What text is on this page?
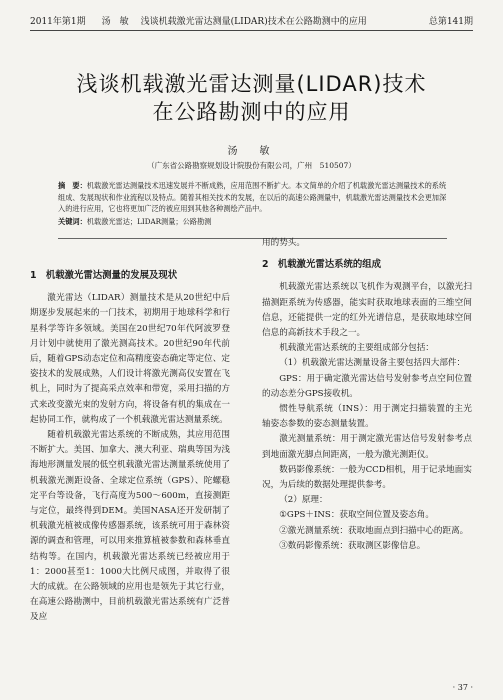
2011年第1期 汤　敏 浅谈机载激光雷达测量(LIDAR)技术在公路勘测中的应用	总第141期
浅谈机载激光雷达测量(LIDAR)技术
在公路勘测中的应用
汤　敏
（广东省公路勘察规划设计院股份有限公司，广州　510507）
摘　要：机载激光雷达测量技术迅速发展并不断成熟，应用范围不断扩大。本文简单的介绍了机载激光雷达测量技术的系统组成、发展现状和作业流程以及特点。随着其相关技术的发展，在以后的高速公路测量中，机载激光雷达测量技术会更加深入的进行应用，它也将更加广泛的被应用到其他各种测绘产品中。
关键词：机载激光雷达；LIDAR测量；公路勘测
1　机载激光雷达测量的发展及现状

激光雷达（LIDAR）测量技术是从20世纪中后期逐步发展起来的一门技术，初期用于地球科学和行星科学等许多领域。美国在20世纪70年代阿波罗登月计划中就使用了激光测高技术。20世纪90年代前后，随着GPS动态定位和高精度姿态确定等定位、定姿技术的发展成熟，人们设计将激光测高仪安置在飞机上，同时为了提高采点效率和带宽，采用扫描的方式来改变激光束的发射方向，将设备有机的集成在一起协同工作，就构成了一个机载激光雷达测量系统。

随着机载激光雷达系统的不断成熟，其应用范围不断扩大。美国、加拿大、澳大利亚、瑞典等国为浅海地形测量发展的低空机载激光雷达测量系统使用了机载激光测距设备、全球定位系统（GPS）、陀螺稳定平台等设备，飞行高度为500～600m，直接测距与定位，最终得到DEM。美国NASA还开发研制了机载激光植被成像传感器系统，该系统可用于森林资源的调查和管理，可以用来推算植被参数和森林垂直结构等。在国内，机载激光雷达系统已经被应用于1：2000甚至1：1000大比例尺成图，并取得了很大的成就。在公路领域的应用也是领先于其它行业，在高速公路勘测中，目前机载激光雷达系统有广泛普及应

用的势头。

2　机载激光雷达系统的组成

机载激光雷达系统以飞机作为观测平台，以激光扫描测距系统为传感器，能实时获取地球表面的三维空间信息，还能提供一定的红外光谱信息，是获取地球空间信息的高新技术手段之一。

机载激光雷达系统的主要组成部分包括：

（1）机载激光雷达测量设备主要包括四大部件：

GPS：用于确定激光雷达信号发射参考点空间位置的动态差分GPS接收机。

惯性导航系统（INS）：用于测定扫描装置的主光轴姿态参数的姿态测量装置。

激光测量系统：用于测定激光雷达信号发射参考点到地面激光脚点间距离，一般为激光测距仪。

数码影像系统：一般为CCD相机，用于记录地面实况，为后续的数据处理提供参考。

（2）原理：

①GPS＋INS：获取空间位置及姿态角。

②激光测量系统：获取地面点到扫描中心的距离。

③数码影像系统：获取测区影像信息。

· 37 ·
